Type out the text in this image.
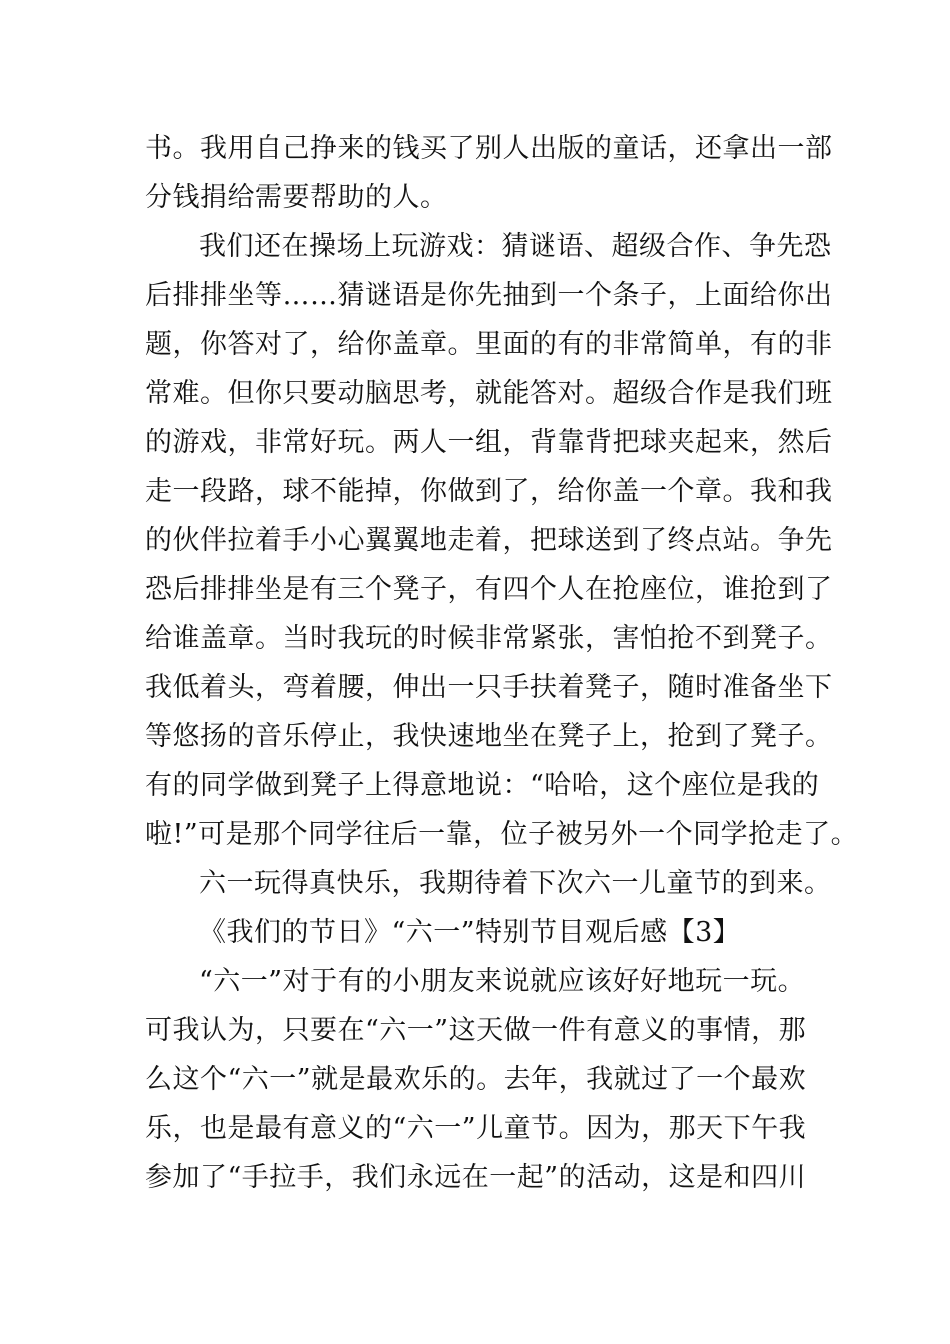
书。我用自己挣来的钱买了别人出版的童话，还拿出一部
分钱捐给需要帮助的人。
我们还在操场上玩游戏：猜谜语、超级合作、争先恐
后排排坐等……猜谜语是你先抽到一个条子，上面给你出
题，你答对了，给你盖章。里面的有的非常简单，有的非
常难。但你只要动脑思考，就能答对。超级合作是我们班
的游戏，非常好玩。两人一组，背靠背把球夹起来，然后
走一段路，球不能掉，你做到了，给你盖一个章。我和我
的伙伴拉着手小心翼翼地走着，把球送到了终点站。争先
恐后排排坐是有三个凳子，有四个人在抢座位，谁抢到了
给谁盖章。当时我玩的时候非常紧张，害怕抢不到凳子。
我低着头，弯着腰，伸出一只手扶着凳子，随时准备坐下
等悠扬的音乐停止，我快速地坐在凳子上，抢到了凳子。
有的同学做到凳子上得意地说：“哈哈，这个座位是我的
啦!”可是那个同学往后一靠，位子被另外一个同学抢走了。
六一玩得真快乐，我期待着下次六一儿童节的到来。
《我们的节日》“六一”特别节目观后感【3】
“六一”对于有的小朋友来说就应该好好地玩一玩。
可我认为，只要在“六一”这天做一件有意义的事情，那
么这个“六一”就是最欢乐的。去年，我就过了一个最欢
乐，也是最有意义的“六一”儿童节。因为，那天下午我
参加了“手拉手，我们永远在一起”的活动，这是和四川
